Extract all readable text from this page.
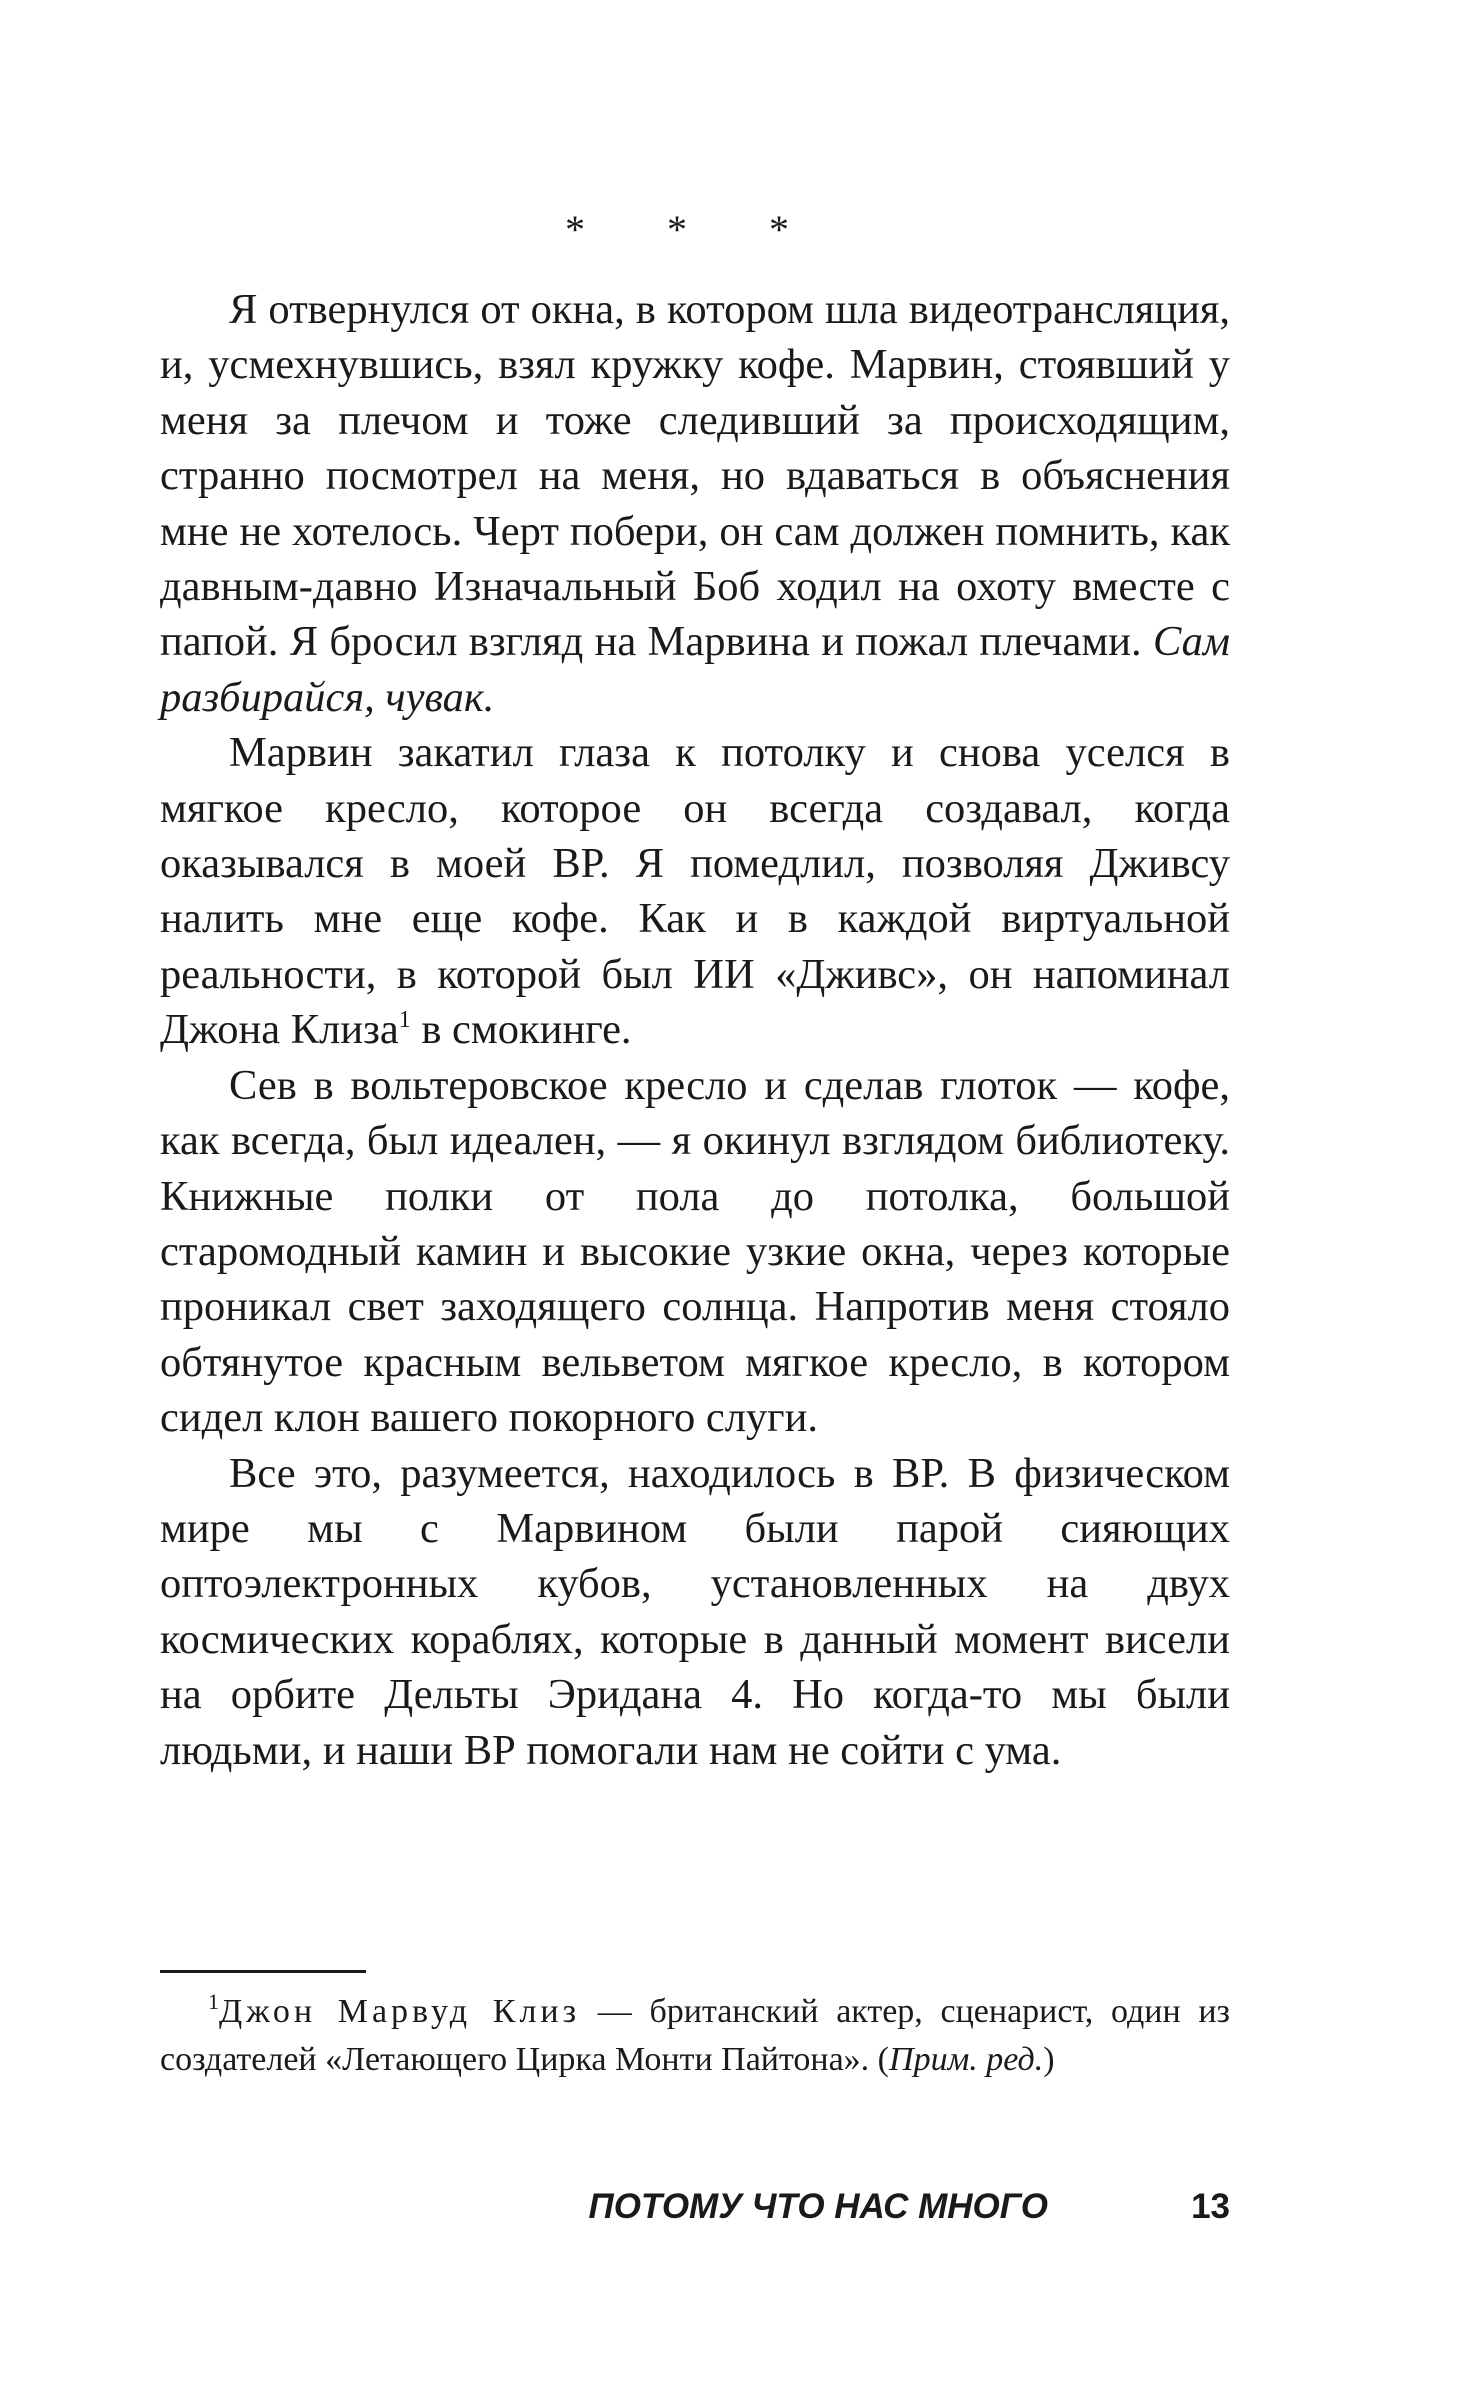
* * *

Я отвернулся от окна, в котором шла видеотрансляция, и, усмехнувшись, взял кружку кофе. Марвин, стоявший у меня за плечом и тоже следивший за происходящим, странно посмотрел на меня, но вдаваться в объяснения мне не хотелось. Черт побери, он сам должен помнить, как давным-давно Изначальный Боб ходил на охоту вместе с папой. Я бросил взгляд на Марвина и пожал плечами. Сам разбирайся, чувак.

Марвин закатил глаза к потолку и снова уселся в мягкое кресло, которое он всегда создавал, когда оказывался в моей ВР. Я помедлил, позволяя Дживсу налить мне еще кофе. Как и в каждой виртуальной реальности, в которой был ИИ «Дживс», он напоминал Джона Клиза$^1$ в смокинге.

Сев в вольтеровское кресло и сделав глоток — кофе, как всегда, был идеален, — я окинул взглядом библиотеку. Книжные полки от пола до потолка, большой старомодный камин и высокие узкие окна, через которые проникал свет заходящего солнца. Напротив меня стояло обтянутое красным вельветом мягкое кресло, в котором сидел клон вашего покорного слуги.

Все это, разумеется, находилось в ВР. В физическом мире мы с Марвином были парой сияющих оптоэлектронных кубов, установленных на двух космических кораблях, которые в данный момент висели на орбите Дельты Эридана 4. Но когда-то мы были людьми, и наши ВР помогали нам не сойти с ума.

$^1$Джон Марвуд Клиз — британский актер, сценарист, один из создателей «Летающего Цирка Монти Пайтона». (Прим. ред.)

ПОТОМУ ЧТО НАС МНОГО	13
